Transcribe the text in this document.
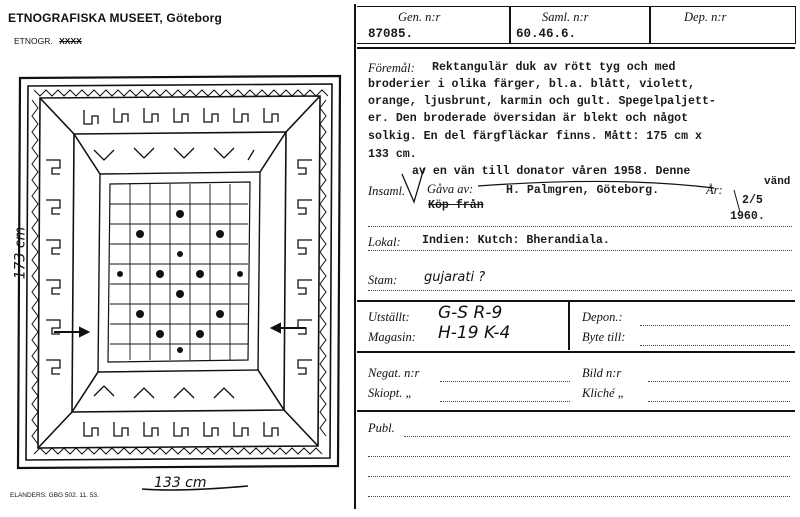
ETNOGRAFISKA MUSEET, Göteborg
ETNOGR. XXXX
173 cm
133 cm
ELANDERS. GBG 502. 11. 53.
Gen. n:r	Saml. n:r	Dep. n:r
87085.	60.46.6.
Föremål: Rektangulär duk av rött tyg och med
broderier i olika färger, bl.a. blått, violett,
orange, ljusbrunt, karmin och gult. Spegelpaljett-
er. Den broderade översidan är blekt och något
solkig. En del färgfläckar finns. Mått: 175 cm x
133 cm.
av en vän till donator våren 1958. Denne
vänd
Insaml. Gåva av:	H. Palmgren, Göteborg.	År:
2/5
1960.
Köp från
Lokal: Indien: Kutch: Bherandiala.
Stam: gujarati ?
Utställt: G-S R-9
Magasin: H-19 K-4
Depon.:
Byte till:
Negat. n:r	Bild n:r
Skiopt. „	Kliché „
Publ.
